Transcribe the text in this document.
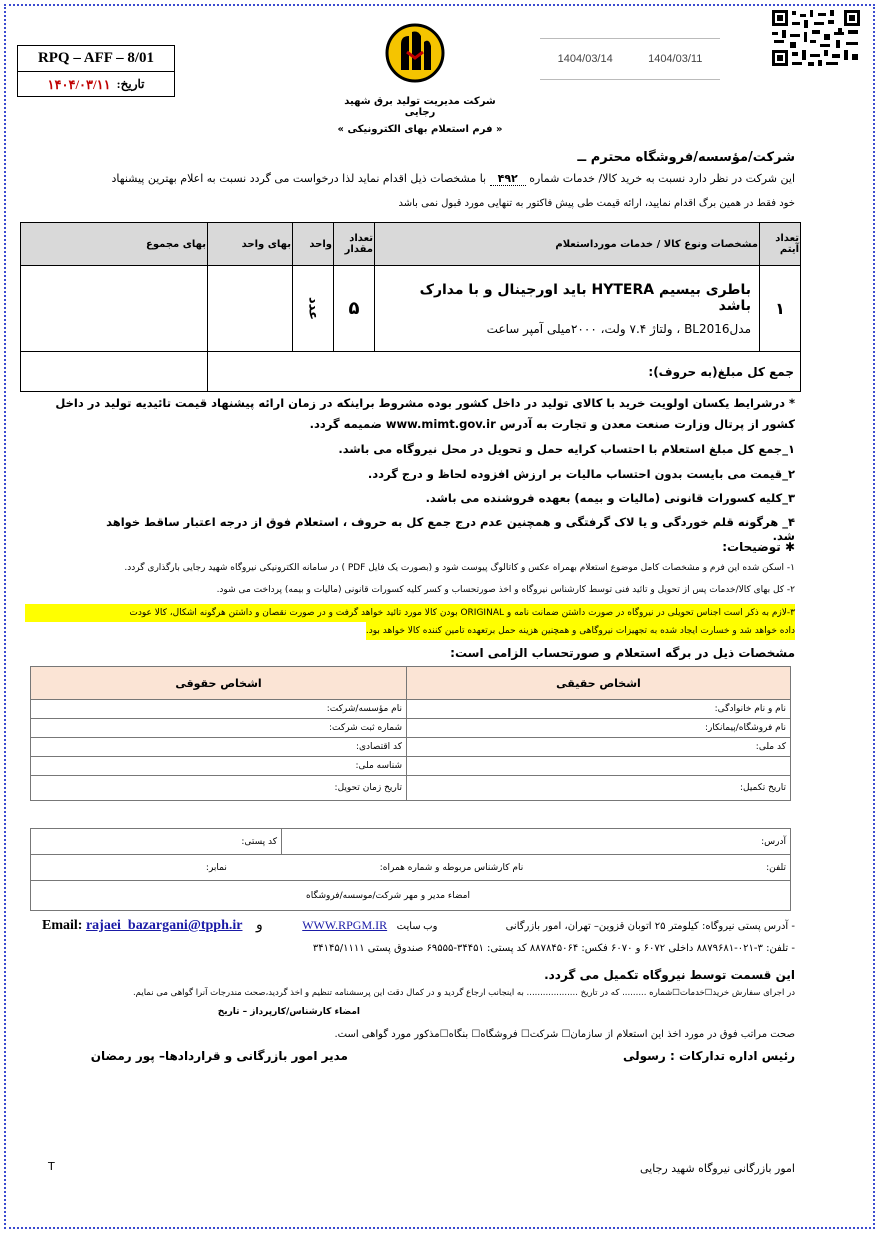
RPQ – AFF – 8/01
تاریخ:
۱۴۰۴/۰۳/۱۱
شرکت مدیریت تولید برق شهید رجایی
« فرم استعلام بهای الکترونیکی »
1404/03/14	1404/03/11
شرکت/مؤسسه/فروشگاه محترم ــ
این شرکت در نظر دارد نسبت به خرید کالا/ خدمات شماره ۴۹۲ با مشخصات ذیل اقدام نماید لذا درخواست می گردد نسبت به اعلام بهترین پیشنهاد
خود فقط در همین برگ اقدام نمایید، ارائه قیمت طی پیش فاکتور به تنهایی مورد قبول نمی باشد
تعداد آیتم	مشخصات ونوع کالا / خدمات مورداستعلام	تعداد مقدار	واحد	بهای واحد	بهای مجموع
۱	باطری بیسیم HYTERA باید اورجینال و با مدارک باشد
مدلBL2016 ، ولتاژ ۷.۴ ولت، ۲۰۰۰میلی آمپر ساعت	۵	عدد		
جمع کل مبلغ(به حروف):					
* درشرایط یکسان اولویت خرید با کالای تولید در داخل کشور بوده مشروط براینکه در زمان ارائه پیشنهاد قیمت تائیدیه تولید در داخل کشور از پرتال وزارت صنعت معدن و تجارت به آدرس www.mimt.gov.ir ضمیمه گردد.
۱_جمع کل مبلغ استعلام با احتساب کرایه حمل و تحویل در محل نیروگاه می باشد.
۲_قیمت می بایست بدون احتساب مالیات بر ارزش افزوده لحاظ و درج گردد.
۳_کلیه کسورات قانونی (مالیات و بیمه) بعهده فروشنده می باشد.
۴_ هرگونه قلم خوردگی و یا لاک گرفتگی و همچنین عدم درج جمع کل به حروف ، استعلام فوق از درجه اعتبار ساقط خواهد شد.
✱ توضیحات:
۱- اسکن شده این فرم و مشخصات کامل موضوع استعلام بهمراه عکس و کاتالوگ پیوست شود و (بصورت یک فایل PDF ) در سامانه الکترونیکی نیروگاه شهید رجایی بارگذاری گردد.
۲- کل بهای کالا/خدمات پس از تحویل و تائید فنی توسط کارشناس نیروگاه و اخذ صورتحساب و کسر کلیه کسورات قانونی (مالیات و بیمه) پرداخت می شود.
۳-لازم به ذکر است اجناس تحویلی در نیروگاه در صورت داشتن ضمانت نامه و ORIGINAL بودن کالا مورد تائید خواهد گرفت و در صورت نقصان و داشتن هرگونه اشکال، کالا عودت
داده خواهد شد و خسارت ایجاد شده به تجهیزات نیروگاهی و همچنین هزینه حمل برتعهده تامین کننده کالا خواهد بود.
مشخصات ذیل در برگه استعلام و صورتحساب الزامی است:
اشخاص حقیقی	اشخاص حقوقی
نام و نام خانوادگی:	نام مؤسسه/شرکت:
نام فروشگاه/پیمانکار:	شماره ثبت شرکت:
کد ملی:	کد اقتصادی:
	شناسه ملی:
تاریخ تکمیل:	تاریخ زمان تحویل:
آدرس:	کد پستی:
تلفن: نام کارشناس مربوطه و شماره همراه: نمابر:
امضاء مدیر و مهر شرکت/موسسه/فروشگاه
- آدرس پستی نیروگاه: کیلومتر ۲۵ اتوبان قزوین– تهران، امور بازرگانی
Email: rajaei_bazargani@tpph.ir و	WWW.RPGM.IR وب سایت
- تلفن: ۳-۰۲۱-۸۸۷۹۶۸۱ داخلی ۶۰۷۲ و ۶۰۷۰ فکس: ۸۸۷۸۴۵۰۶۴ کد پستی: ۳۴۴۵۱-۶۹۵۵۵ صندوق پستی ۳۴۱۴۵/۱۱۱۱
این قسمت توسط نیروگاه تکمیل می گردد.
در اجرای سفارش خرید☐خدمات☐شماره ......... که در تاریخ ................... به اینجانب ارجاع گردید و در کمال دقت این پرسشنامه تنظیم و اخذ گردید،صحت مندرجات آنرا گواهی می نمایم.
امضاء کارشناس/کارپرداز – تاریخ
صحت مراتب فوق در مورد اخذ این استعلام از سازمان☐ شرکت☐ فروشگاه☐ بنگاه☐مذکور مورد گواهی است.
رئیس اداره تدارکات : رسولی
مدیر امور بازرگانی و قراردادها– پور رمضان
T	امور بازرگانی نیروگاه شهید رجایی
